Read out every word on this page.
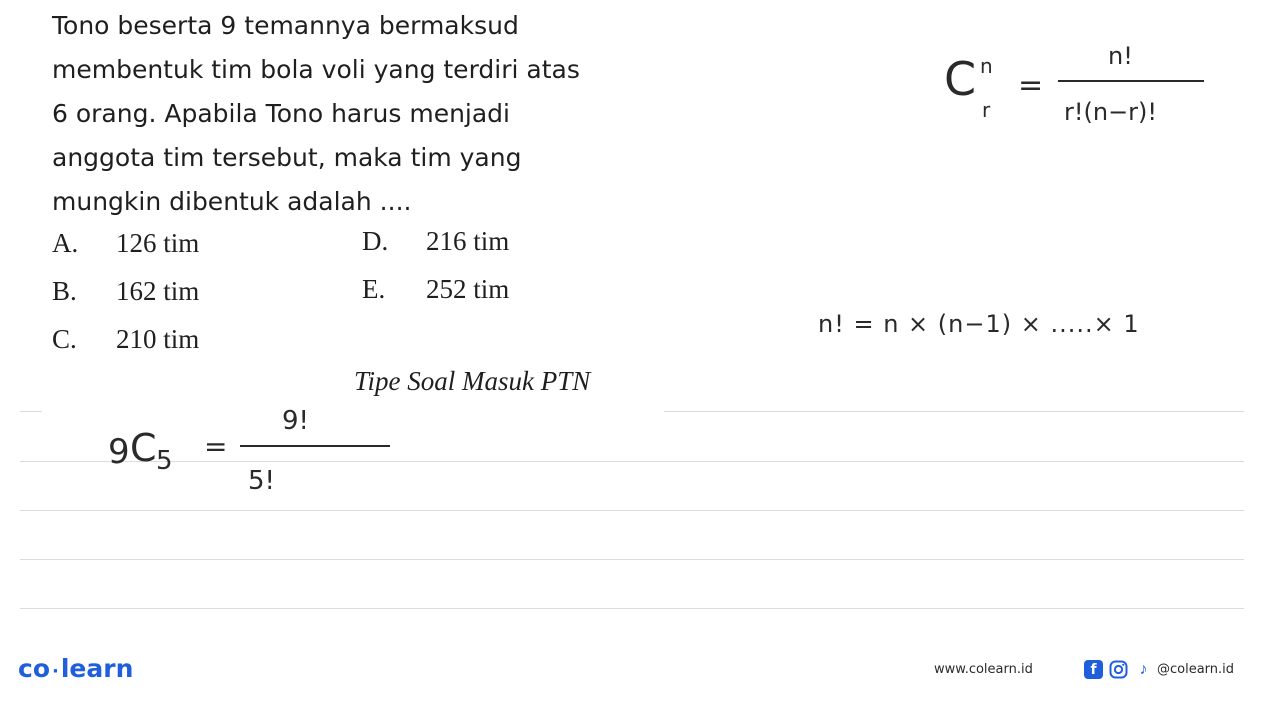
Tono beserta 9 temannya bermaksud
membentuk tim bola voli yang terdiri atas
6 orang. Apabila Tono harus menjadi
anggota tim tersebut, maka tim yang
mungkin dibentuk adalah ....
A. 126 tim
B. 162 tim
C. 210 tim
D. 216 tim
E. 252 tim
Tipe Soal Masuk PTN
C n
r
=
n!
r!(n−r)!
n! = n × (n−1) × .....× 1
9 C 5 =
9!
5!
co ·learn	www.colearn.id	f	♪ @colearn.id
